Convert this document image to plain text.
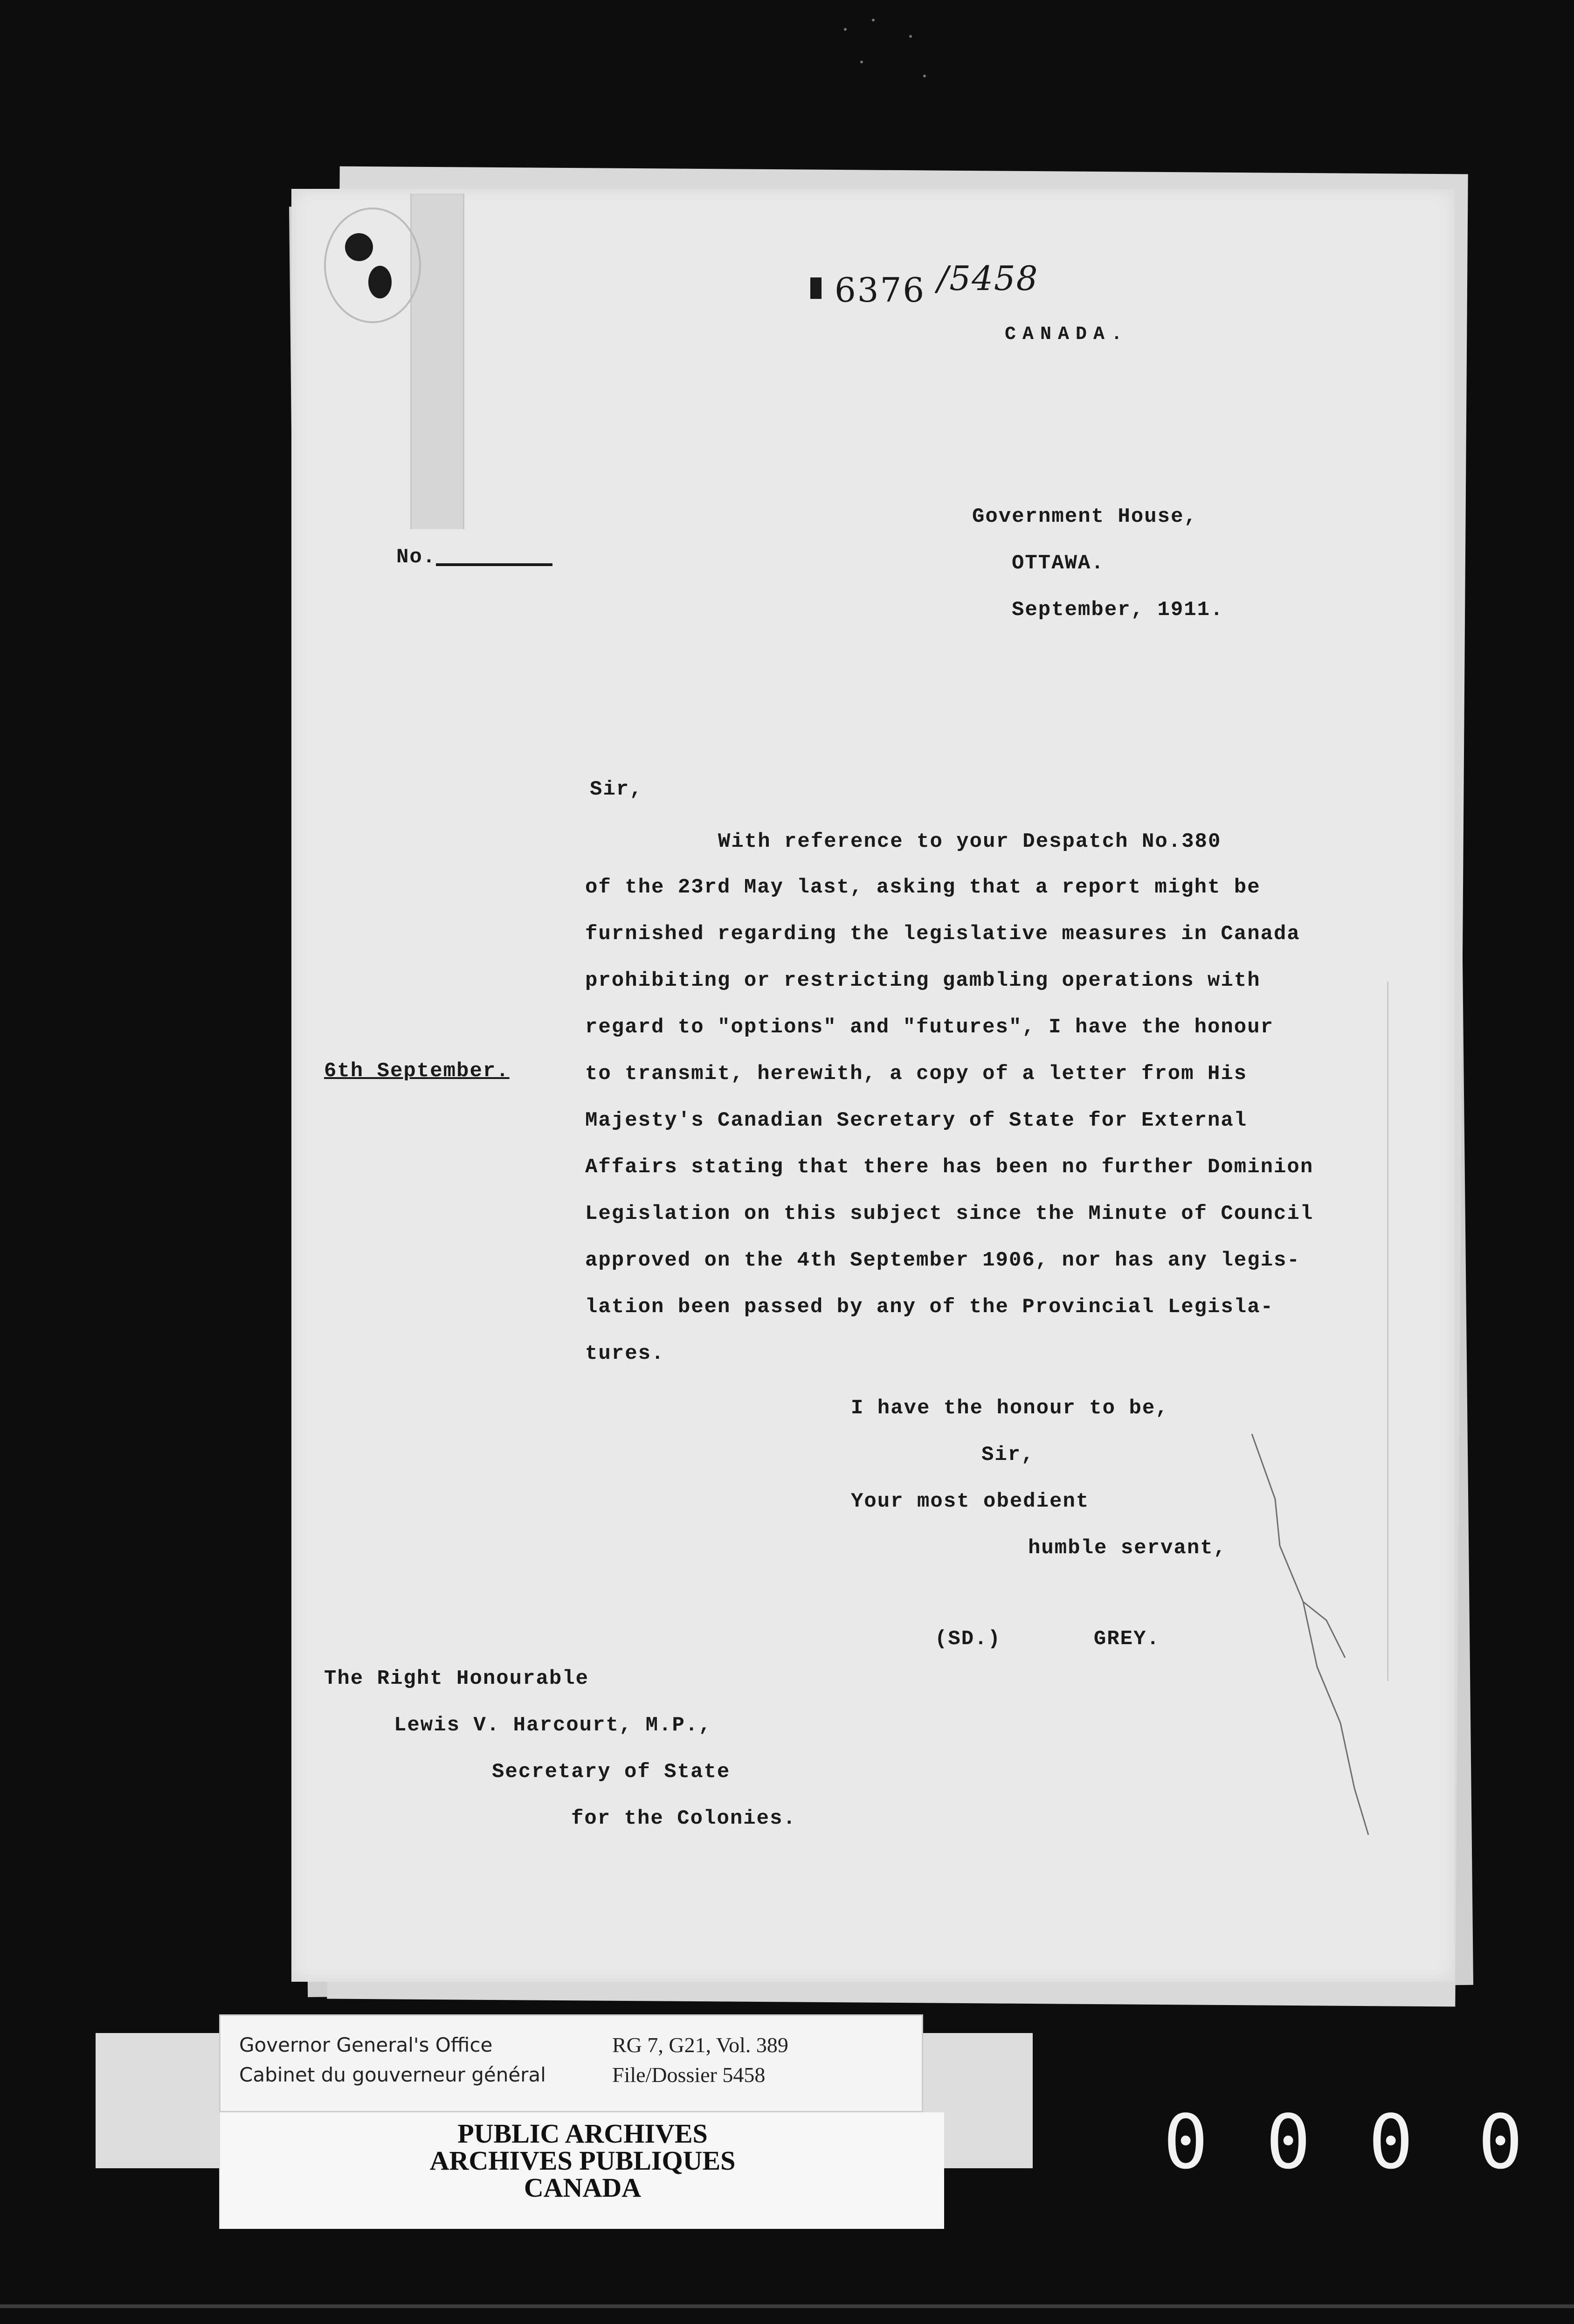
6376 /5458

CANADA.

Government House,

No.	OTTAWA.

September, 1911.

Sir,

6th September.

With reference to your Despatch No.380

of the 23rd May last, asking that a report might be

furnished regarding the legislative measures in Canada

prohibiting or restricting gambling operations with

regard to "options" and "futures", I have the honour

to transmit, herewith, a copy of a letter from His

Majesty's Canadian Secretary of State for External

Affairs stating that there has been no further Dominion

Legislation on this subject since the Minute of Council

approved on the 4th September 1906, nor has any legis-

lation been passed by any of the Provincial Legisla-

tures.

I have the honour to be,

Sir,

Your most obedient

humble servant,

(SD.)       GREY.

The Right Honourable

Lewis V. Harcourt, M.P.,

Secretary of State

for the Colonies.

Governor General's Office

Cabinet du gouverneur général

RG 7, G21, Vol. 389

File/Dossier 5458

PUBLIC ARCHIVES

ARCHIVES PUBLIQUES

CANADA

0 0 0 0
